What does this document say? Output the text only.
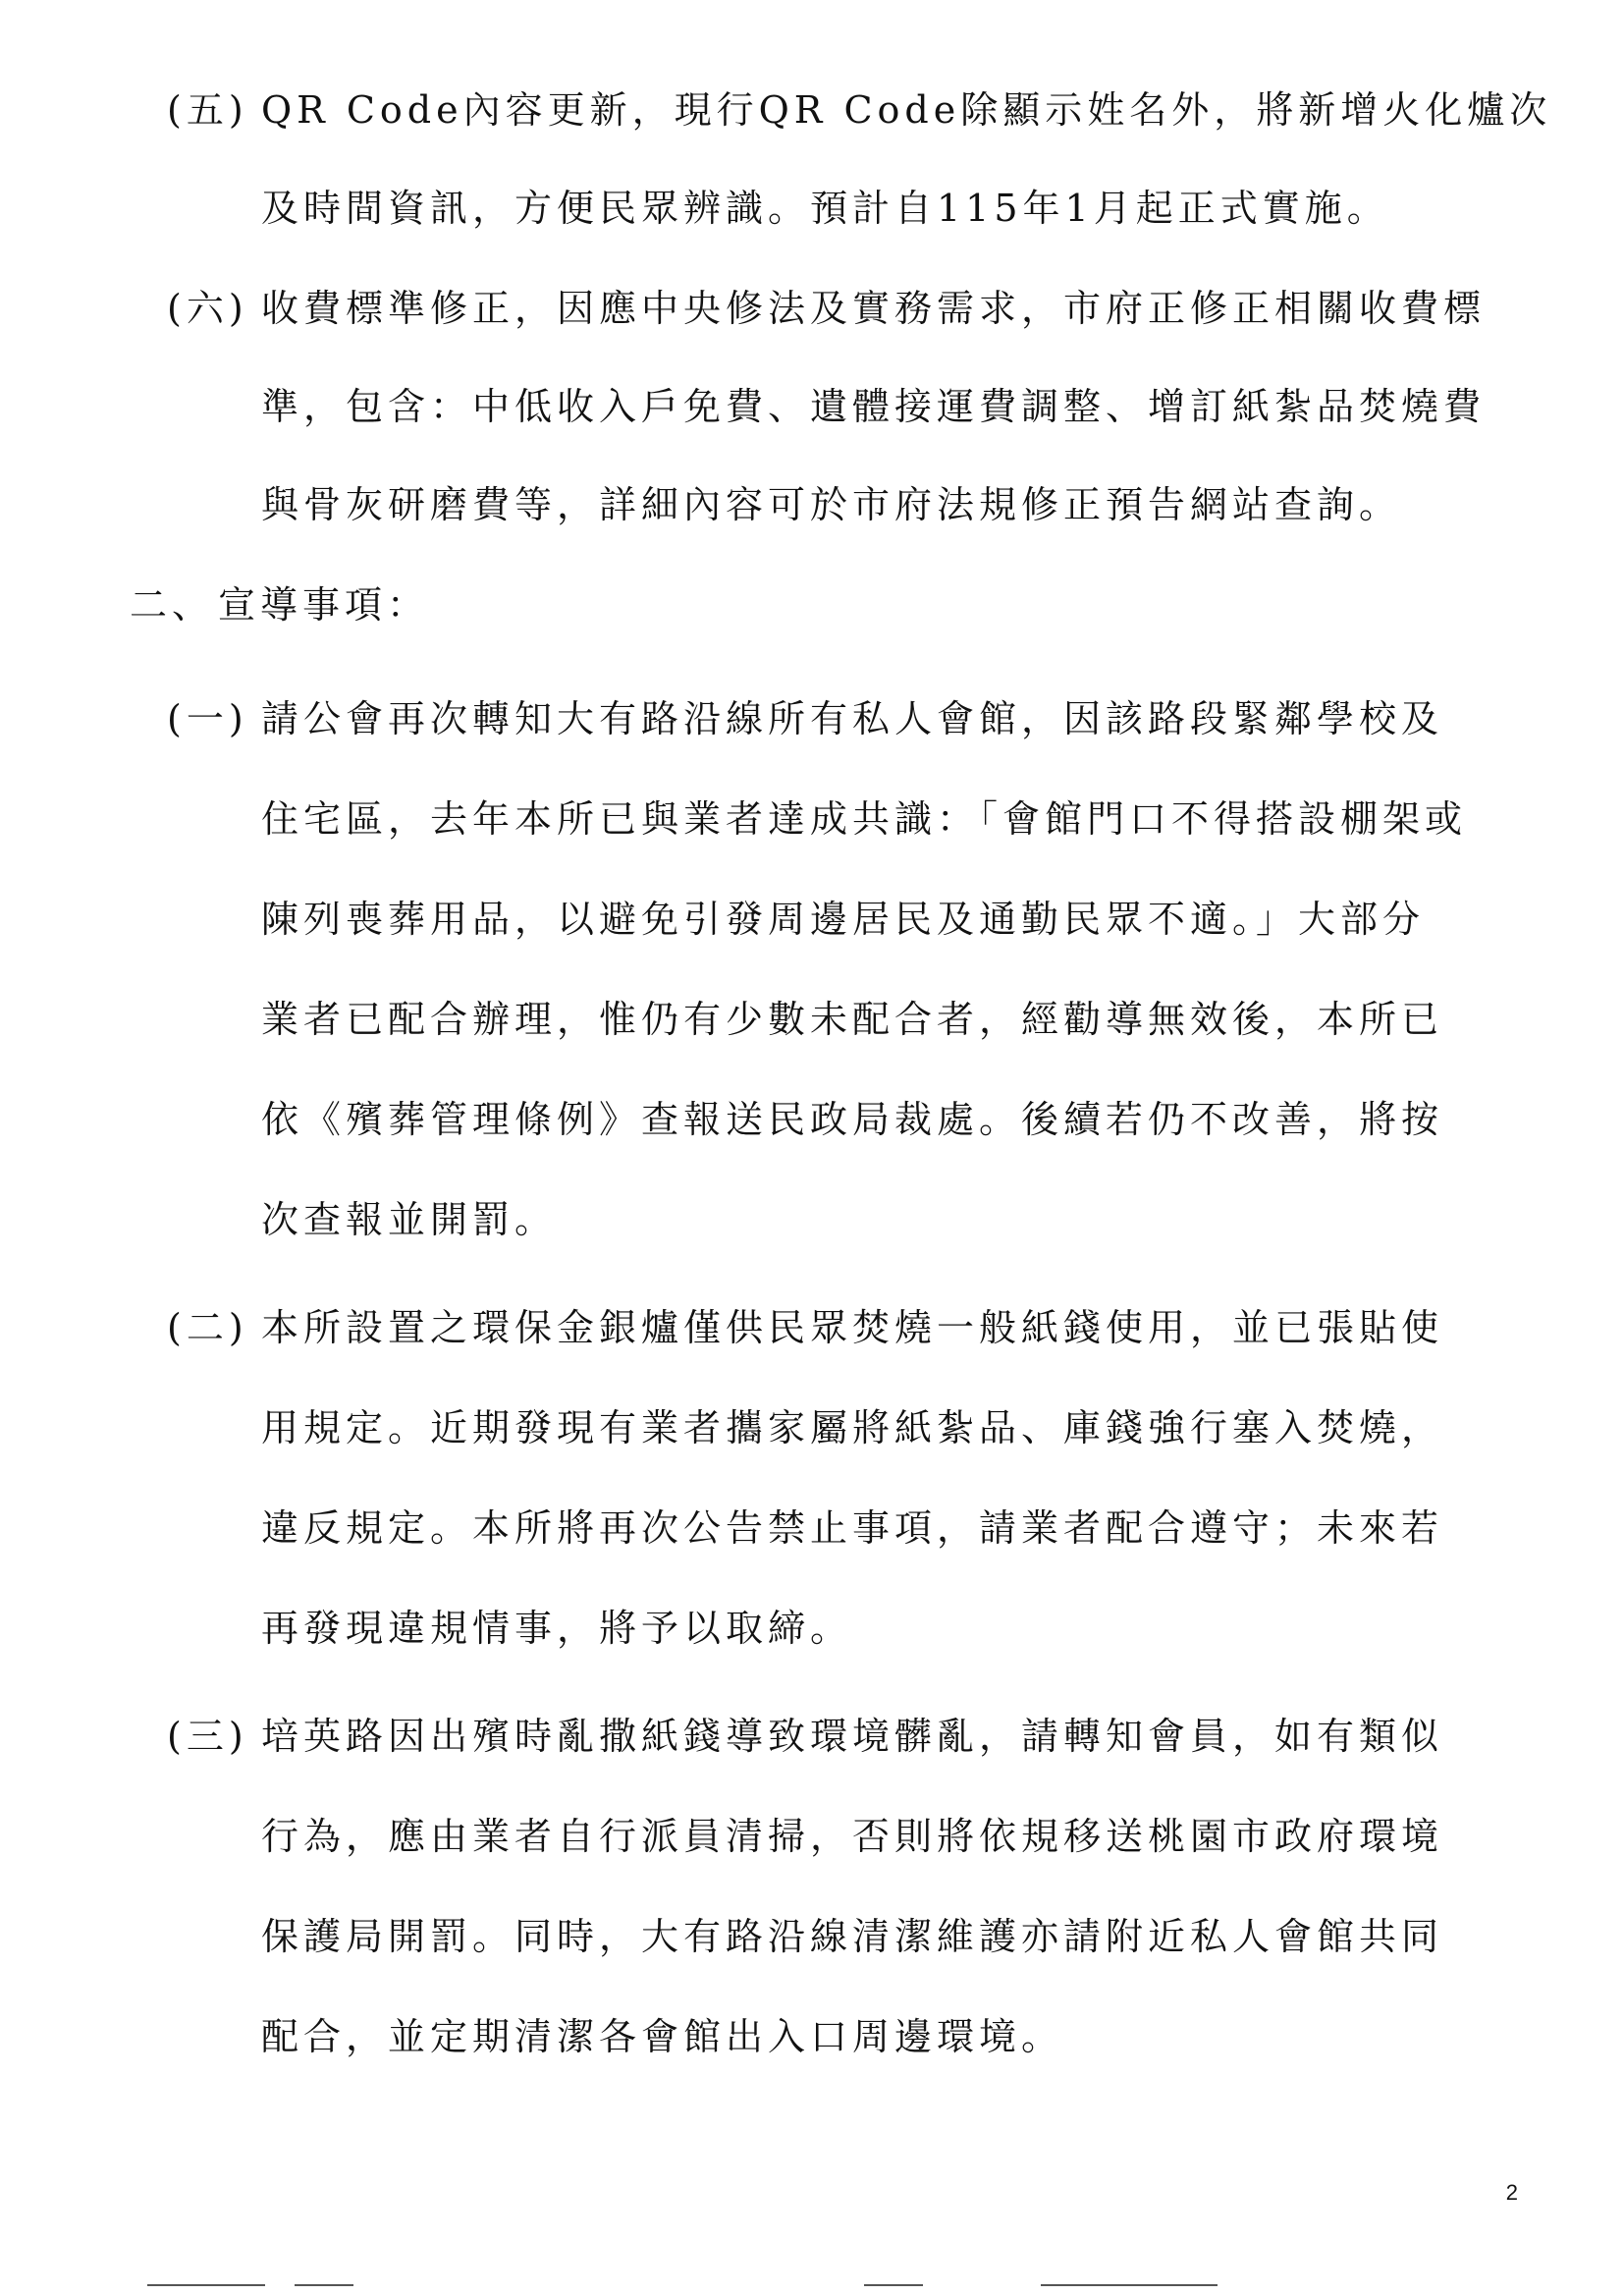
(五) QR Code內容更新，現行QR Code除顯示姓名外，將新增火化爐次
及時間資訊，方便民眾辨識。預計自115年1月起正式實施。
(六) 收費標準修正，因應中央修法及實務需求，市府正修正相關收費標
準，包含：中低收入戶免費、遺體接運費調整、增訂紙紮品焚燒費
與骨灰研磨費等，詳細內容可於市府法規修正預告網站查詢。
二、 宣導事項：
(一) 請公會再次轉知大有路沿線所有私人會館，因該路段緊鄰學校及
住宅區，去年本所已與業者達成共識：「會館門口不得搭設棚架或
陳列喪葬用品，以避免引發周邊居民及通勤民眾不適。」大部分
業者已配合辦理，惟仍有少數未配合者，經勸導無效後，本所已
依《殯葬管理條例》查報送民政局裁處。後續若仍不改善，將按
次查報並開罰。
(二) 本所設置之環保金銀爐僅供民眾焚燒一般紙錢使用，並已張貼使
用規定。近期發現有業者攜家屬將紙紮品、庫錢強行塞入焚燒，
違反規定。本所將再次公告禁止事項，請業者配合遵守；未來若
再發現違規情事，將予以取締。
(三) 培英路因出殯時亂撒紙錢導致環境髒亂，請轉知會員，如有類似
行為，應由業者自行派員清掃，否則將依規移送桃園市政府環境
保護局開罰。同時，大有路沿線清潔維護亦請附近私人會館共同
配合，並定期清潔各會館出入口周邊環境。
2
